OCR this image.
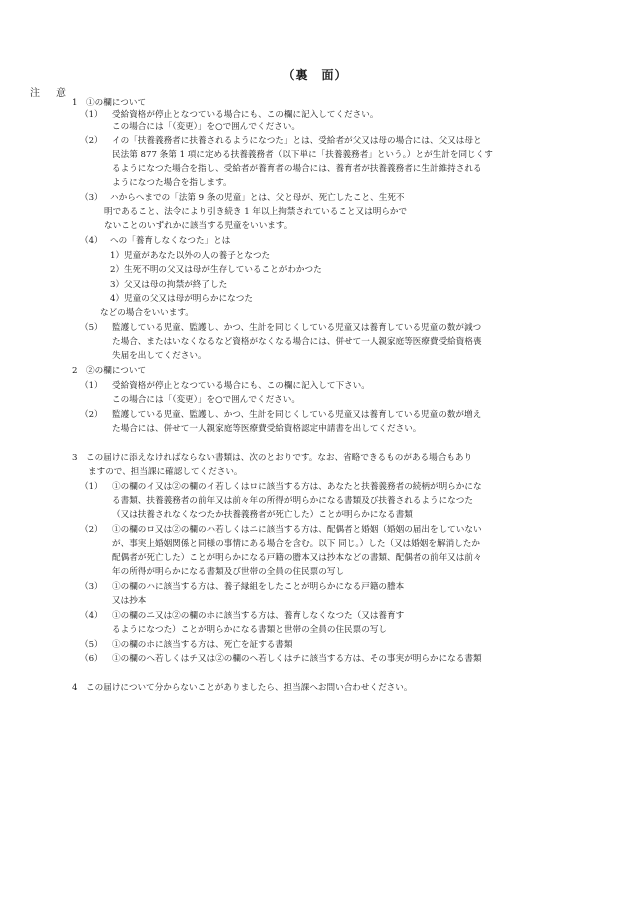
（裏　面）
注　意
1　①の欄について
（1） 受給資格が停止となつている場合にも、この欄に記入してください。
この場合には「（変更）」を○で囲んでください。
（2） イの「扶養義務者に扶養されるようになつた」とは、受給者が父又は母の場合には、父又は母と
民法第 877 条第 1 項に定める扶養義務者（以下単に「扶養義務者」という。）とが生計を同じくす
るようになつた場合を指し、受給者が養育者の場合には、養育者が扶養義務者に生計維持される
ようになつた場合を指します。
（3） ハからへまでの「法第 9 条の児童」とは、父と母が、死亡したこと、生死不
明であること、法令により引き続き 1 年以上拘禁されていること又は明らかで
ないことのいずれかに該当する児童をいいます。
（4） への「養育しなくなつた」とは
1）児童があなた以外の人の養子となつた
2）生死不明の父又は母が生存していることがわかつた
3）父又は母の拘禁が終了した
4）児童の父又は母が明らかになつた
などの場合をいいます。
（5） 監護している児童、監護し、かつ、生計を同じくしている児童又は養育している児童の数が減つ
た場合、またはいなくなるなど資格がなくなる場合には、併せて一人親家庭等医療費受給資格喪
失届を出してください。
2　②の欄について
（1） 受給資格が停止となつている場合にも、この欄に記入して下さい。
この場合には「（変更）」を○で囲んでください。
（2） 監護している児童、監護し、かつ、生計を同じくしている児童又は養育している児童の数が増え
た場合には、併せて一人親家庭等医療費受給資格認定申請書を出してください。
3　この届けに添えなければならない書類は、次のとおりです。なお、省略できるものがある場合もあり
ますので、担当課に確認してください。
（1） ①の欄のイ又は②の欄のイ若しくはロに該当する方は、あなたと扶養義務者の続柄が明らかにな
る書類、扶養義務者の前年又は前々年の所得が明らかになる書類及び扶養されるようになつた
（又は扶養されなくなつたか扶養義務者が死亡した）ことが明らかになる書類
（2） ①の欄のロ又は②の欄のハ若しくはニに該当する方は、配偶者と婚姻（婚姻の届出をしていない
が、事実上婚姻関係と同様の事情にある場合を含む。以下 同じ。）した（又は婚姻を解消したか
配偶者が死亡した）ことが明らかになる戸籍の謄本又は抄本などの書類、配偶者の前年又は前々
年の所得が明らかになる書類及び世帯の全員の住民票の写し
（3） ①の欄のハに該当する方は、養子縁組をしたことが明らかになる戸籍の謄本
又は抄本
（4） ①の欄のニ又は②の欄のホに該当する方は、養育しなくなつた（又は養育す
るようになつた）ことが明らかになる書類と世帯の全員の住民票の写し
（5） ①の欄のホに該当する方は、死亡を証する書類
（6） ①の欄のへ若しくはチ又は②の欄のへ若しくはチに該当する方は、その事実が明らかになる書類
4　この届けについて分からないことがありましたら、担当課へお問い合わせください。
